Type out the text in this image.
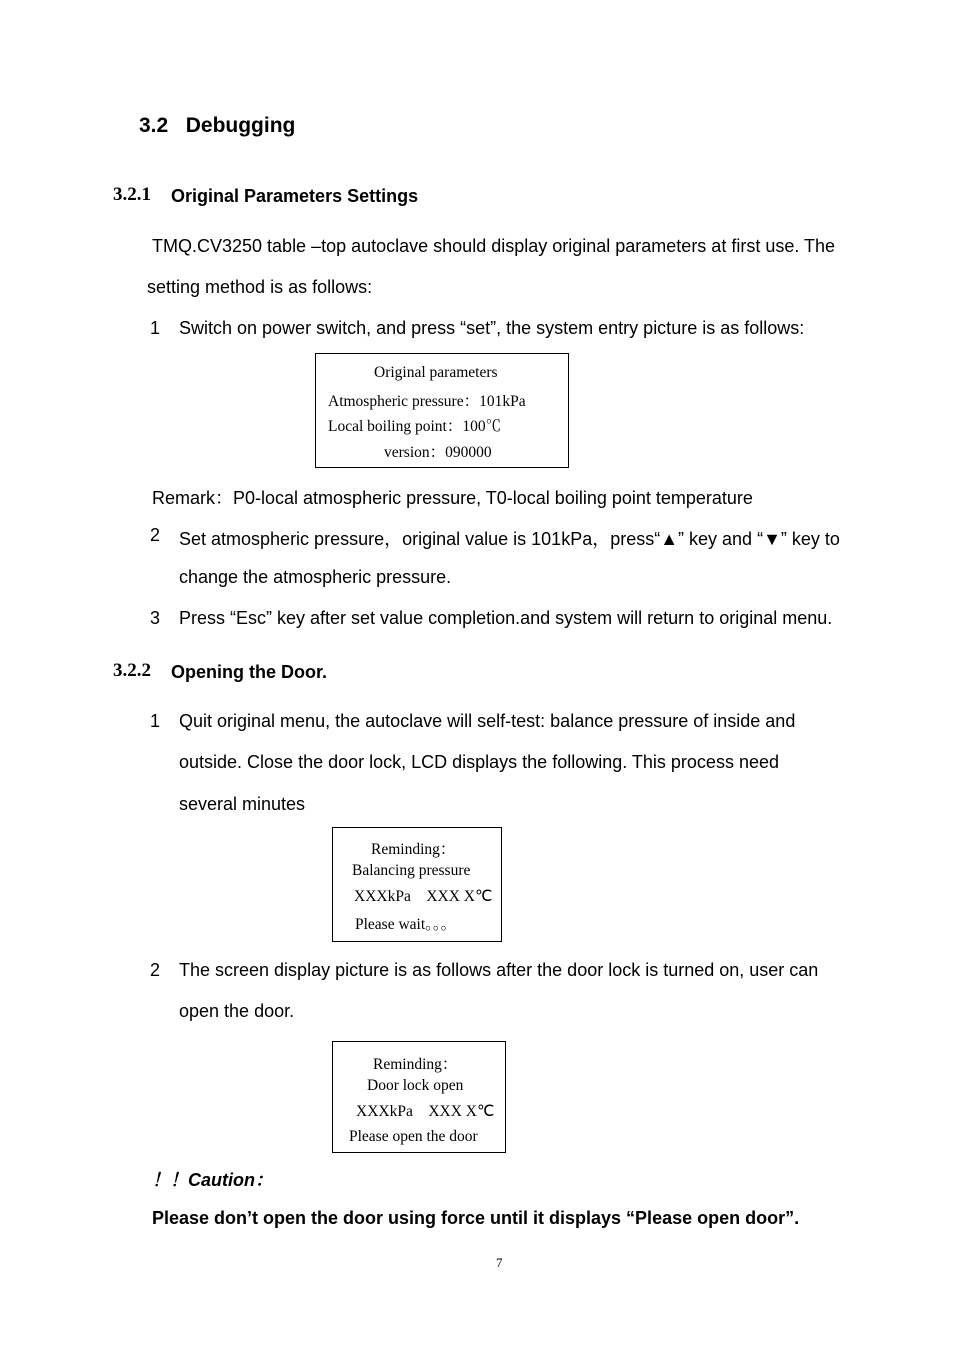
3.2 Debugging
3.2.1 Original Parameters Settings
TMQ.CV3250 table –top autoclave should display original parameters at first use. The
setting method is as follows:
1 Switch on power switch, and press “set”, the system entry picture is as follows:
Original parameters
Atmospheric pressure：101kPa
Local boiling point：100℃
version：090000
Remark：P0-local atmospheric pressure, T0-local boiling point temperature
2 Set atmospheric pressure，original value is 101kPa，press“▲” key and “▼” key to
change the atmospheric pressure.
3 Press “Esc” key after set value completion.and system will return to original menu.
3.2.2 Opening the Door.
1 Quit original menu, the autoclave will self-test: balance pressure of inside and
outside. Close the door lock, LCD displays the following. This process need
several minutes
Reminding：
Balancing pressure
XXXkPa    XXX X℃
Please wait。。。
2 The screen display picture is as follows after the door lock is turned on, user can
open the door.
Reminding：
Door lock open
XXXkPa    XXX X℃
Please open the door
！！Caution：
Please don’t open the door using force until it displays “Please open door”.
7
